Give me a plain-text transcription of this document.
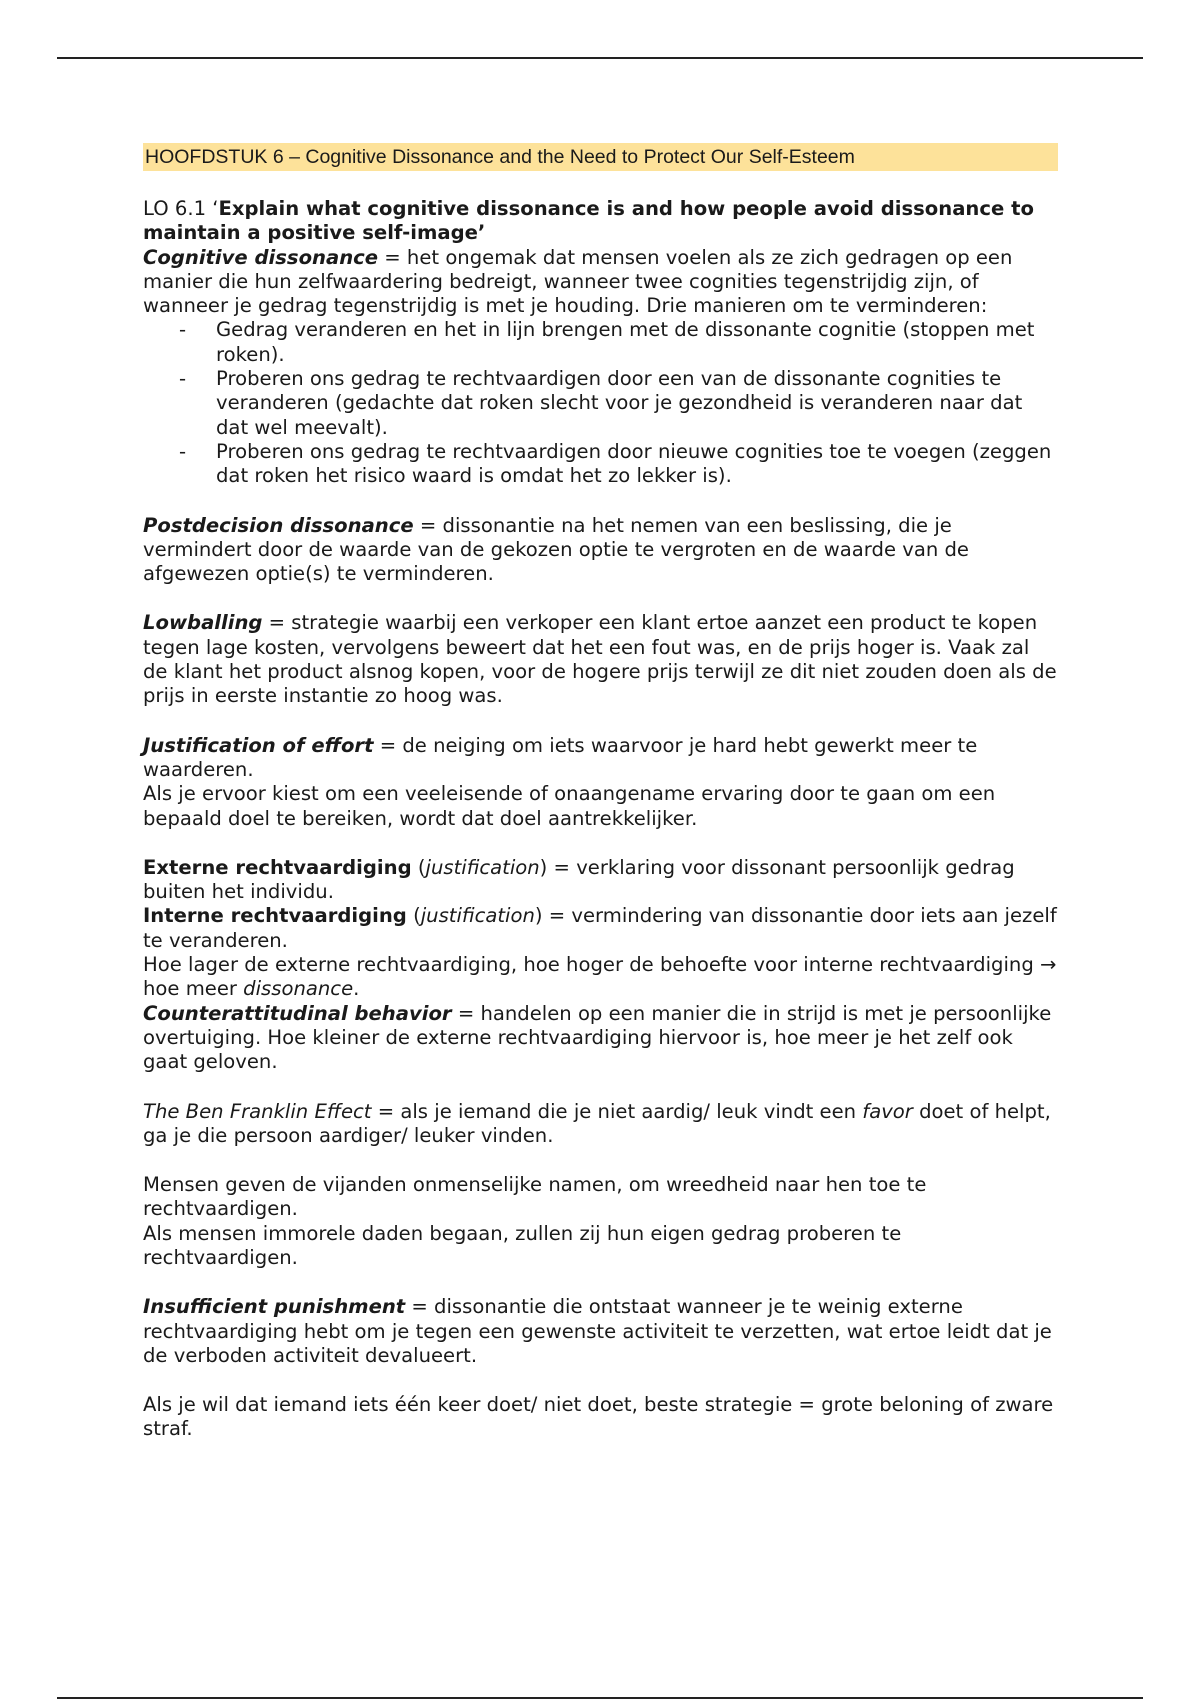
HOOFDSTUK 6 – Cognitive Dissonance and the Need to Protect Our Self-Esteem

LO 6.1 ‘Explain what cognitive dissonance is and how people avoid dissonance to maintain a positive self-image’

Cognitive dissonance = het ongemak dat mensen voelen als ze zich gedragen op een manier die hun zelfwaardering bedreigt, wanneer twee cognities tegenstrijdig zijn, of wanneer je gedrag tegenstrijdig is met je houding. Drie manieren om te verminderen:

- Gedrag veranderen en het in lijn brengen met de dissonante cognitie (stoppen met roken).
- Proberen ons gedrag te rechtvaardigen door een van de dissonante cognities te veranderen (gedachte dat roken slecht voor je gezondheid is veranderen naar dat dat wel meevalt).
- Proberen ons gedrag te rechtvaardigen door nieuwe cognities toe te voegen (zeggen dat roken het risico waard is omdat het zo lekker is).

Postdecision dissonance = dissonantie na het nemen van een beslissing, die je vermindert door de waarde van de gekozen optie te vergroten en de waarde van de afgewezen optie(s) te verminderen.

Lowballing = strategie waarbij een verkoper een klant ertoe aanzet een product te kopen tegen lage kosten, vervolgens beweert dat het een fout was, en de prijs hoger is. Vaak zal de klant het product alsnog kopen, voor de hogere prijs terwijl ze dit niet zouden doen als de prijs in eerste instantie zo hoog was.

Justification of effort = de neiging om iets waarvoor je hard hebt gewerkt meer te waarderen.

Als je ervoor kiest om een veeleisende of onaangename ervaring door te gaan om een bepaald doel te bereiken, wordt dat doel aantrekkelijker.

Externe rechtvaardiging (justification) = verklaring voor dissonant persoonlijk gedrag buiten het individu.

Interne rechtvaardiging (justification) = vermindering van dissonantie door iets aan jezelf te veranderen.

Hoe lager de externe rechtvaardiging, hoe hoger de behoefte voor interne rechtvaardiging → hoe meer dissonance.

Counterattitudinal behavior = handelen op een manier die in strijd is met je persoonlijke overtuiging. Hoe kleiner de externe rechtvaardiging hiervoor is, hoe meer je het zelf ook gaat geloven.

The Ben Franklin Effect = als je iemand die je niet aardig/ leuk vindt een favor doet of helpt, ga je die persoon aardiger/ leuker vinden.

Mensen geven de vijanden onmenselijke namen, om wreedheid naar hen toe te rechtvaardigen.

Als mensen immorele daden begaan, zullen zij hun eigen gedrag proberen te rechtvaardigen.

Insufficient punishment = dissonantie die ontstaat wanneer je te weinig externe rechtvaardiging hebt om je tegen een gewenste activiteit te verzetten, wat ertoe leidt dat je de verboden activiteit devalueert.

Als je wil dat iemand iets één keer doet/ niet doet, beste strategie = grote beloning of zware straf.
